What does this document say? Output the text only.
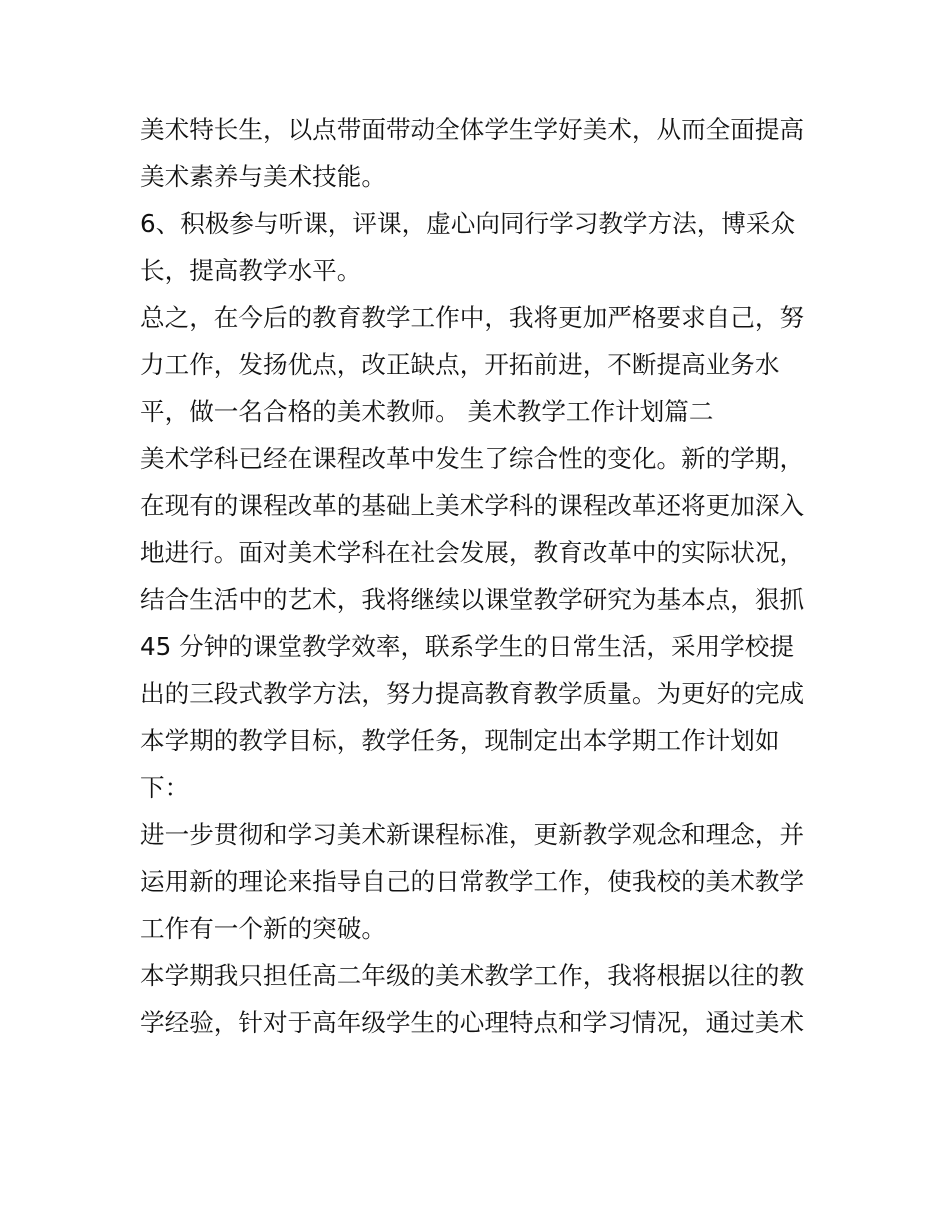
美术特长生，以点带面带动全体学生学好美术，从而全面提高
美术素养与美术技能。
6、积极参与听课，评课，虚心向同行学习教学方法，博采众
长，提高教学水平。
总之，在今后的教育教学工作中，我将更加严格要求自己，努
力工作，发扬优点，改正缺点，开拓前进，不断提高业务水
平，做一名合格的美术教师。 美术教学工作计划篇二
美术学科已经在课程改革中发生了综合性的变化。新的学期，
在现有的课程改革的基础上美术学科的课程改革还将更加深入
地进行。面对美术学科在社会发展，教育改革中的实际状况，
结合生活中的艺术，我将继续以课堂教学研究为基本点，狠抓
45 分钟的课堂教学效率，联系学生的日常生活，采用学校提
出的三段式教学方法，努力提高教育教学质量。为更好的完成
本学期的教学目标，教学任务，现制定出本学期工作计划如
下：
进一步贯彻和学习美术新课程标准，更新教学观念和理念，并
运用新的理论来指导自己的日常教学工作，使我校的美术教学
工作有一个新的突破。
本学期我只担任高二年级的美术教学工作，我将根据以往的教
学经验，针对于高年级学生的心理特点和学习情况，通过美术
